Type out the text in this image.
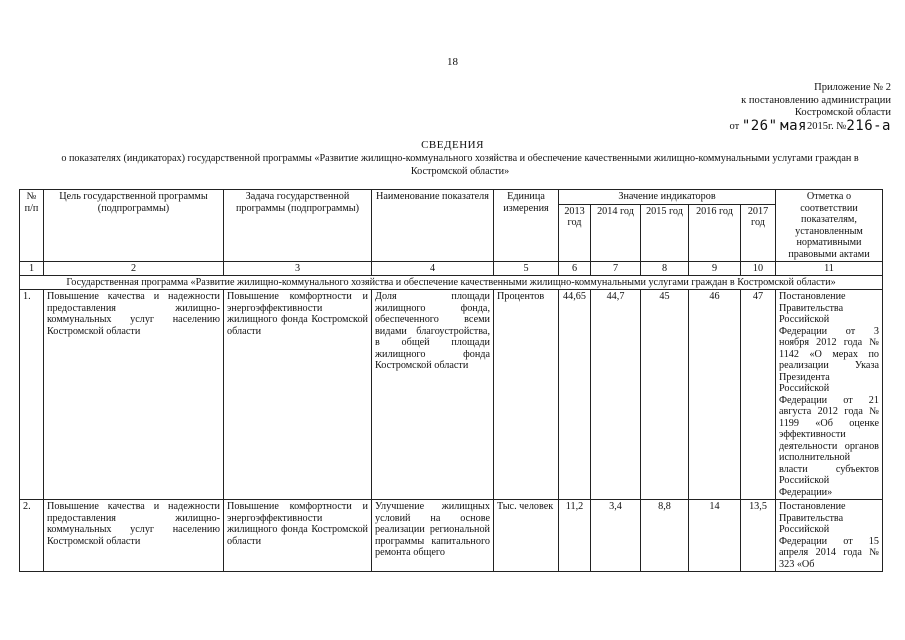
18
Приложение № 2
к постановлению администрации
Костромской области
от "26" мая2015г. №216-а
СВЕДЕНИЯ
о показателях (индикаторах) государственной программы «Развитие жилищно-коммунального хозяйства и обеспечение качественными жилищно-коммунальными услугами граждан в Костромской области»
№ п/п	Цель государственной программы (подпрограммы)	Задача государственной программы (подпрограммы)	Наименование показателя	Единица измерения	Значение индикаторов					Отметка о соответствии показателям, установленным нормативными правовыми актами
					2013 год	2014 год	2015 год	2016 год	2017 год	
1	2	3	4	5	6	7	8	9	10	11
Государственная программа «Развитие жилищно-коммунального хозяйства и обеспечение качественными жилищно-коммунальными услугами граждан в Костромской области»										
1.	Повышение качества и надежности предоставления жилищно-коммунальных услуг населению Костромской области	Повышение комфортности и энергоэффективности жилищного фонда Костромской области	Доля площади жилищного фонда, обеспеченного всеми видами благоустройства, в общей площади жилищного фонда Костромской области	Процентов	44,65	44,7	45	46	47	Постановление Правительства Российской Федерации от 3 ноября 2012 года № 1142 «О мерах по реализации Указа Президента Российской Федерации от 21 августа 2012 года № 1199 «Об оценке эффективности деятельности органов исполнительной власти субъектов Российской Федерации»
2.	Повышение качества и надежности предоставления жилищно-коммунальных услуг населению Костромской области	Повышение комфортности и энергоэффективности жилищного фонда Костромской области	Улучшение жилищных условий на основе реализации региональной программы капитального ремонта общего	Тыс. человек	11,2	3,4	8,8	14	13,5	Постановление Правительства Российской Федерации от 15 апреля 2014 года № 323 «Об
